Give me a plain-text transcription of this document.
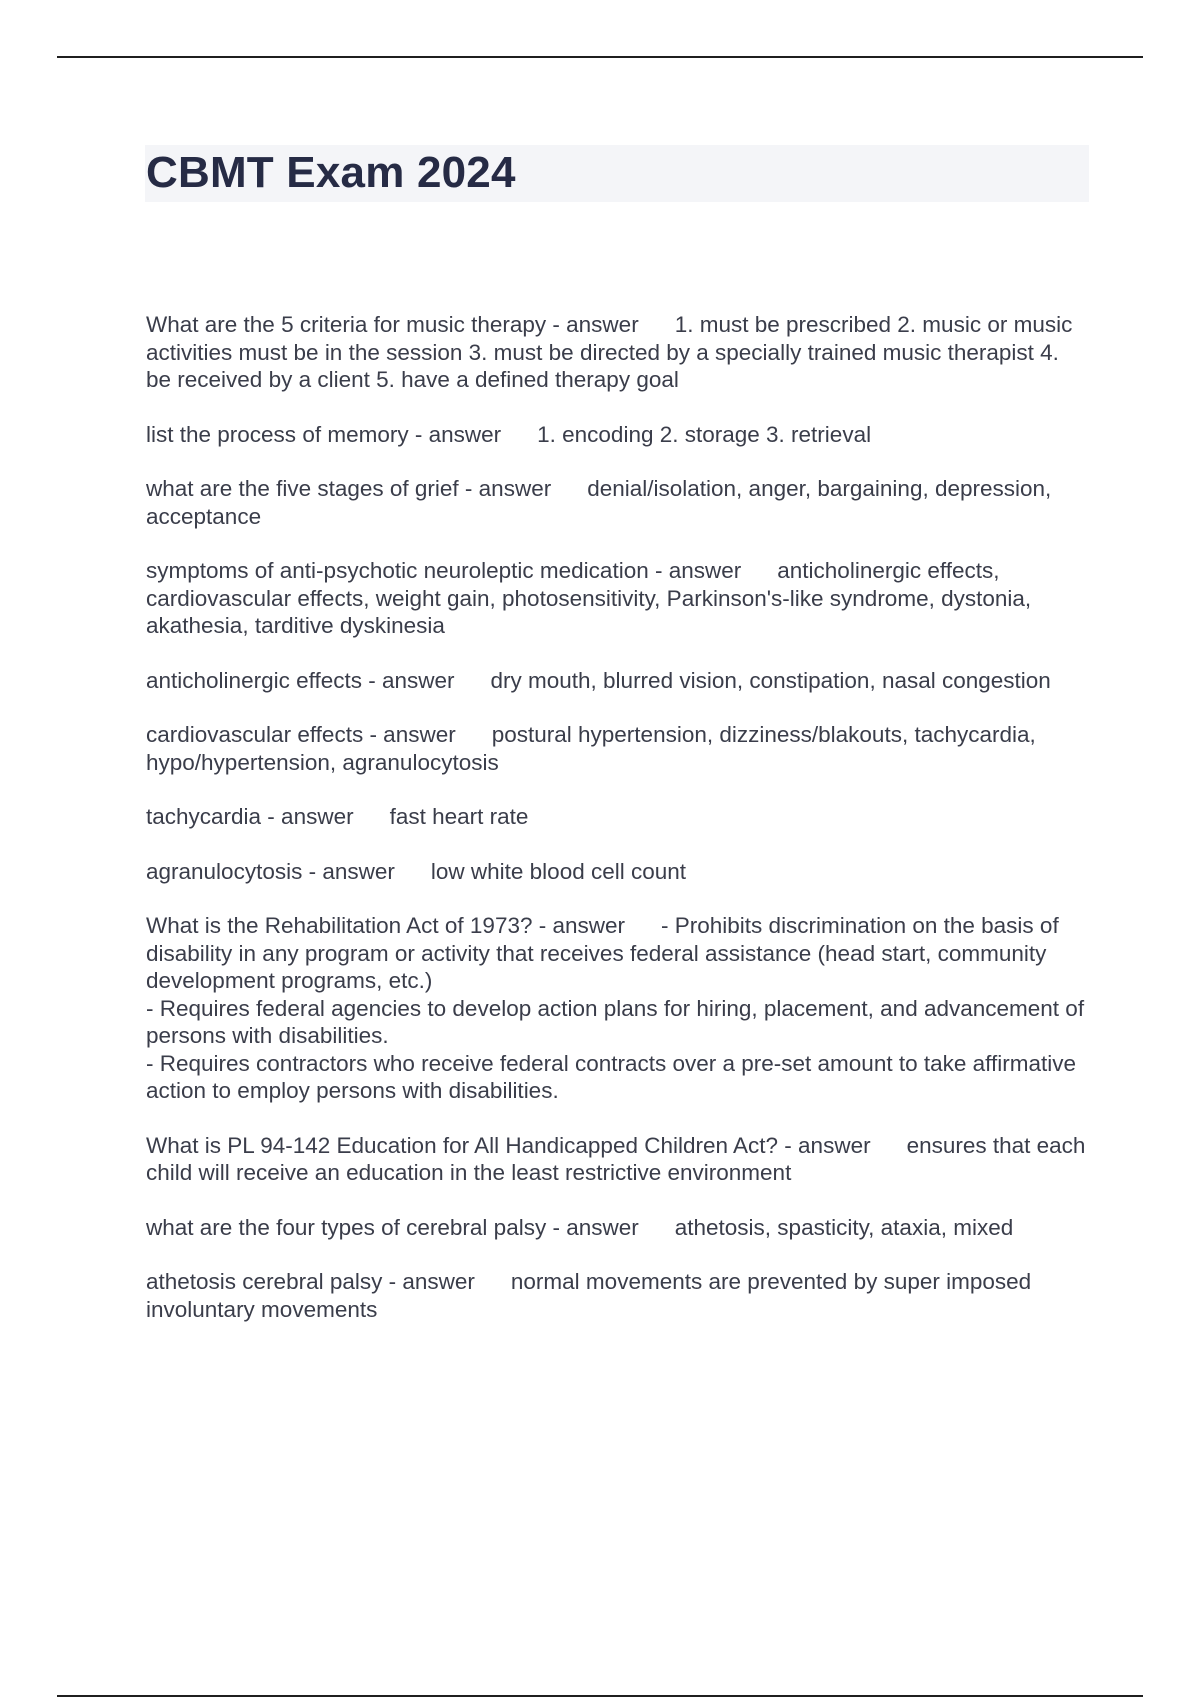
CBMT Exam 2024

What are the 5 criteria for music therapy - answer 1. must be prescribed 2. music or music activities must be in the session 3. must be directed by a specially trained music therapist 4. be received by a client 5. have a defined therapy goal

list the process of memory - answer 1. encoding 2. storage 3. retrieval

what are the five stages of grief - answer denial/isolation, anger, bargaining, depression, acceptance

symptoms of anti-psychotic neuroleptic medication - answer anticholinergic effects, cardiovascular effects, weight gain, photosensitivity, Parkinson's-like syndrome, dystonia, akathesia, tarditive dyskinesia

anticholinergic effects - answer dry mouth, blurred vision, constipation, nasal congestion

cardiovascular effects - answer postural hypertension, dizziness/blakouts, tachycardia, hypo/hypertension, agranulocytosis

tachycardia - answer fast heart rate

agranulocytosis - answer low white blood cell count

What is the Rehabilitation Act of 1973? - answer - Prohibits discrimination on the basis of disability in any program or activity that receives federal assistance (head start, community development programs, etc.)
- Requires federal agencies to develop action plans for hiring, placement, and advancement of persons with disabilities.
- Requires contractors who receive federal contracts over a pre-set amount to take affirmative action to employ persons with disabilities.

What is PL 94-142 Education for All Handicapped Children Act? - answer ensures that each child will receive an education in the least restrictive environment

what are the four types of cerebral palsy - answer athetosis, spasticity, ataxia, mixed

athetosis cerebral palsy - answer normal movements are prevented by super imposed involuntary movements
